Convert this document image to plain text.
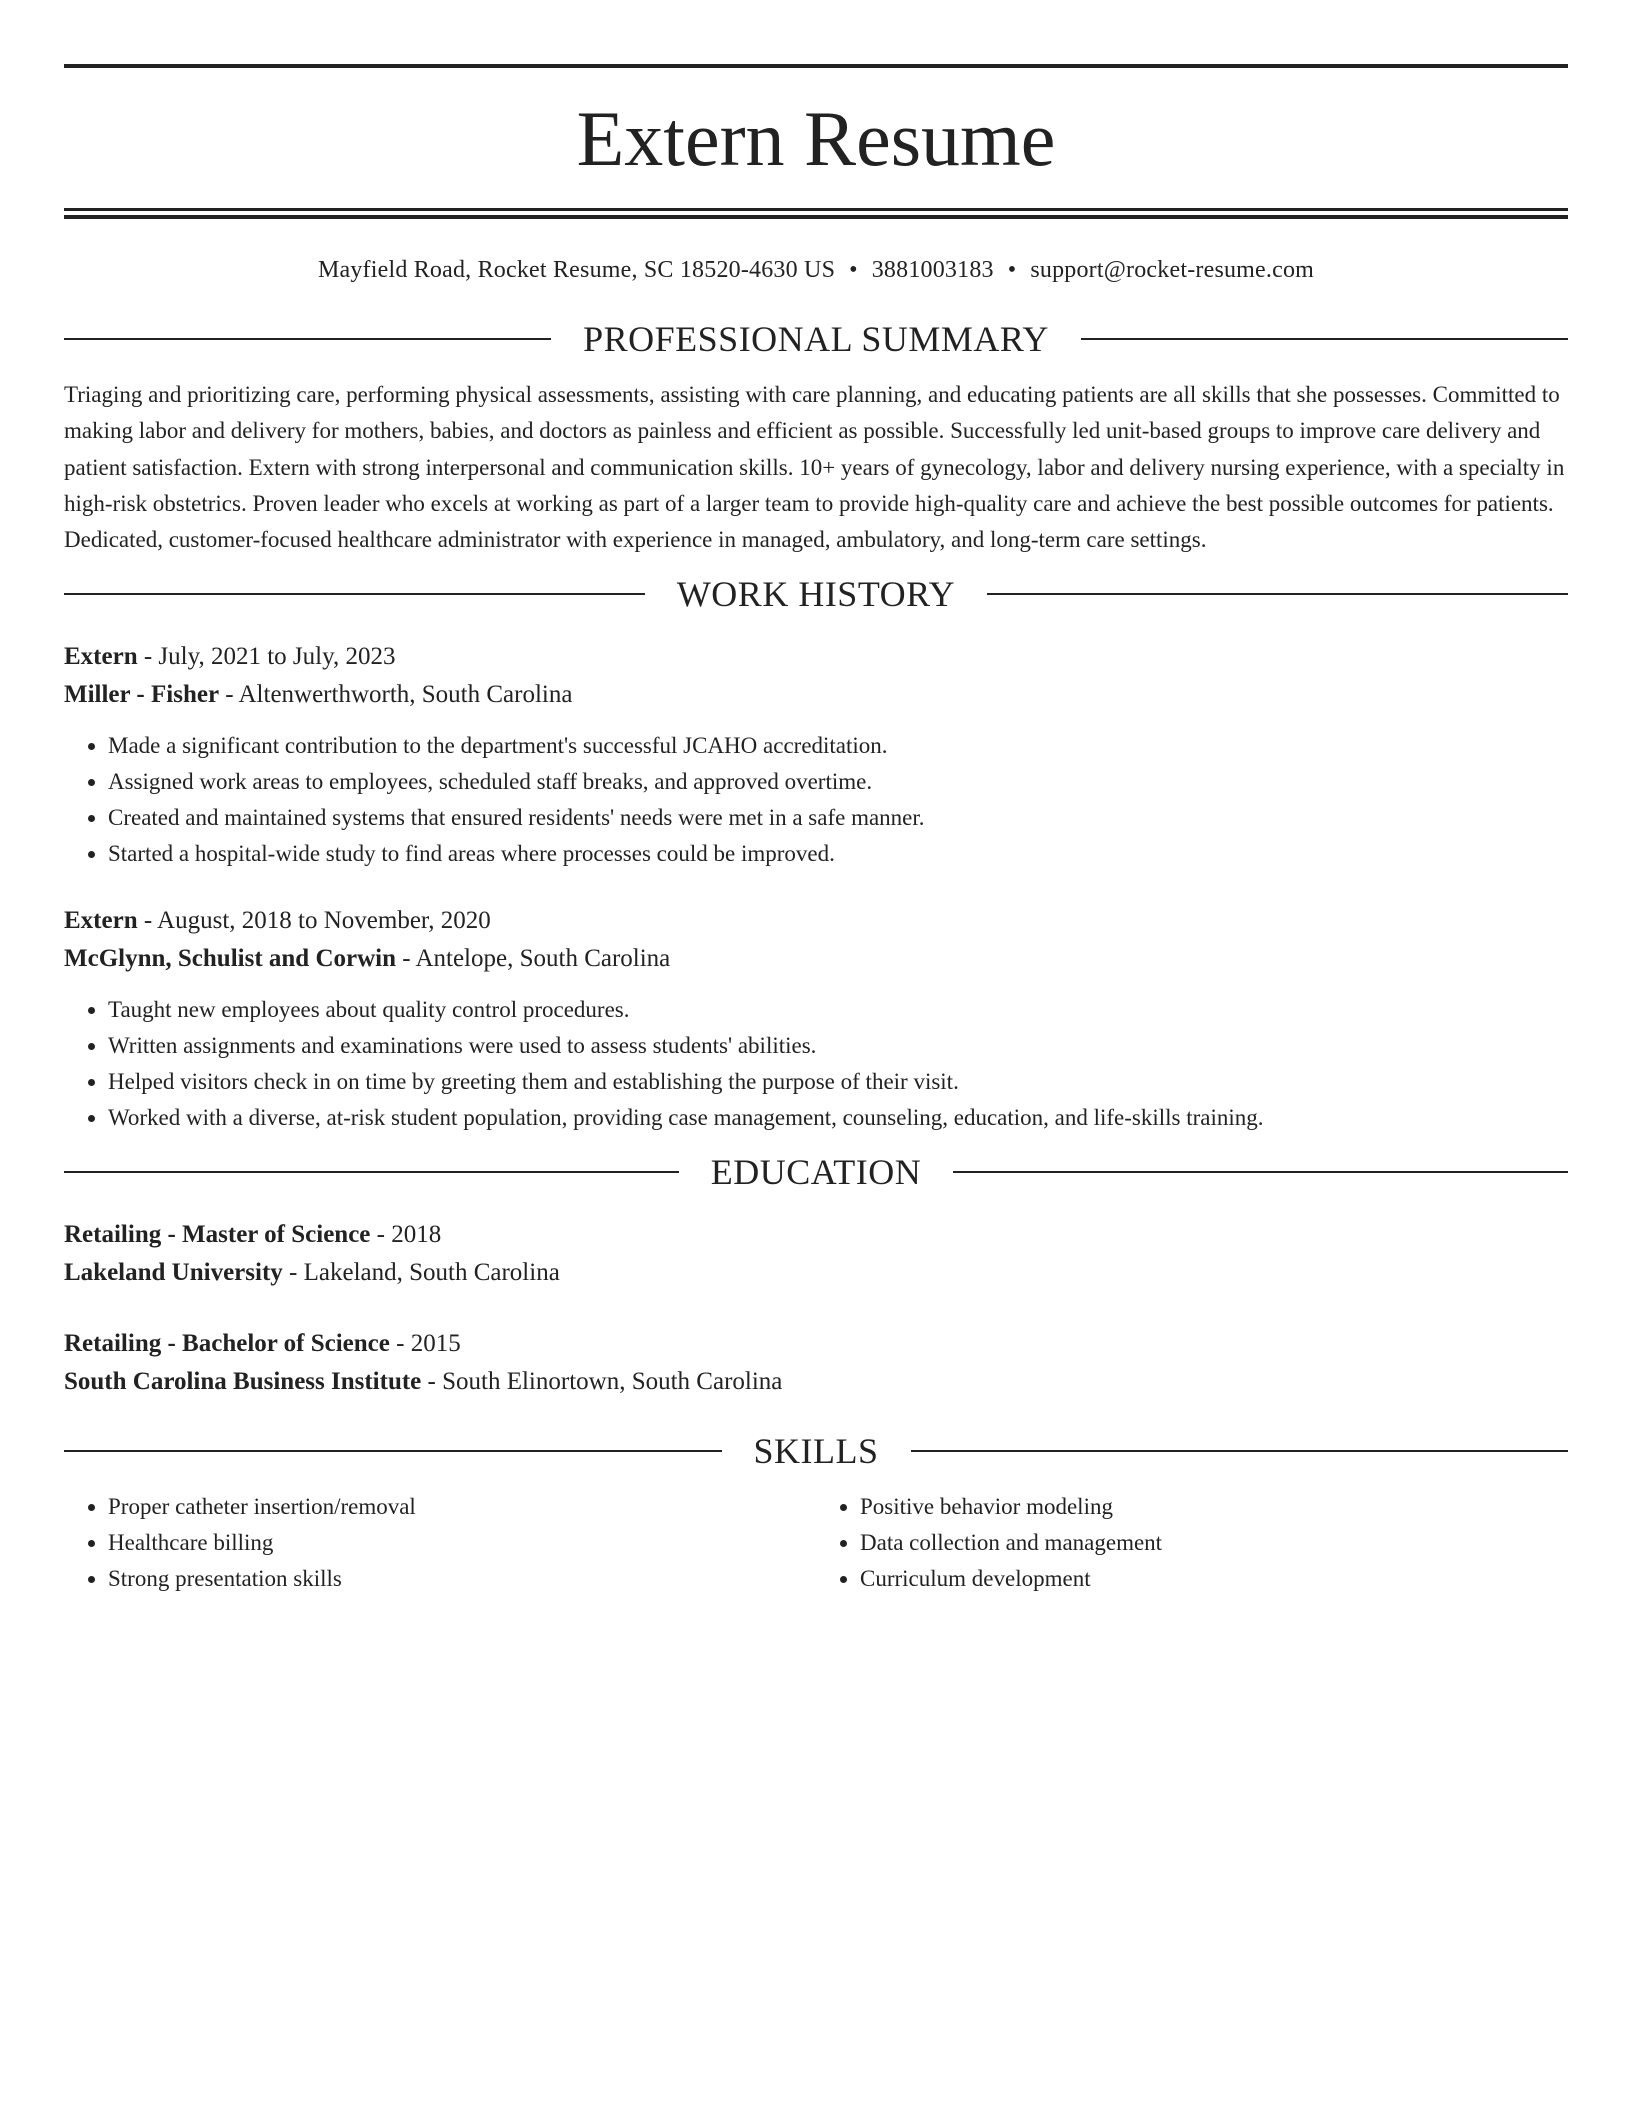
Extern Resume
Mayfield Road, Rocket Resume, SC 18520-4630 US • 3881003183 • support@rocket-resume.com
PROFESSIONAL SUMMARY

Triaging and prioritizing care, performing physical assessments, assisting with care planning, and educating patients are all skills that she possesses. Committed to making labor and delivery for mothers, babies, and doctors as painless and efficient as possible. Successfully led unit-based groups to improve care delivery and patient satisfaction. Extern with strong interpersonal and communication skills. 10+ years of gynecology, labor and delivery nursing experience, with a specialty in high-risk obstetrics. Proven leader who excels at working as part of a larger team to provide high-quality care and achieve the best possible outcomes for patients. Dedicated, customer-focused healthcare administrator with experience in managed, ambulatory, and long-term care settings.

WORK HISTORY
Extern - July, 2021 to July, 2023
Miller - Fisher - Altenwerthworth, South Carolina
• Made a significant contribution to the department's successful JCAHO accreditation.
• Assigned work areas to employees, scheduled staff breaks, and approved overtime.
• Created and maintained systems that ensured residents' needs were met in a safe manner.
• Started a hospital-wide study to find areas where processes could be improved.
Extern - August, 2018 to November, 2020
McGlynn, Schulist and Corwin - Antelope, South Carolina
• Taught new employees about quality control procedures.
• Written assignments and examinations were used to assess students' abilities.
• Helped visitors check in on time by greeting them and establishing the purpose of their visit.
• Worked with a diverse, at-risk student population, providing case management, counseling, education, and life-skills training.
EDUCATION
Retailing - Master of Science - 2018
Lakeland University - Lakeland, South Carolina
Retailing - Bachelor of Science - 2015
South Carolina Business Institute - South Elinortown, South Carolina
SKILLS
• Proper catheter insertion/removal
• Healthcare billing
• Strong presentation skills
• Positive behavior modeling
• Data collection and management
• Curriculum development
